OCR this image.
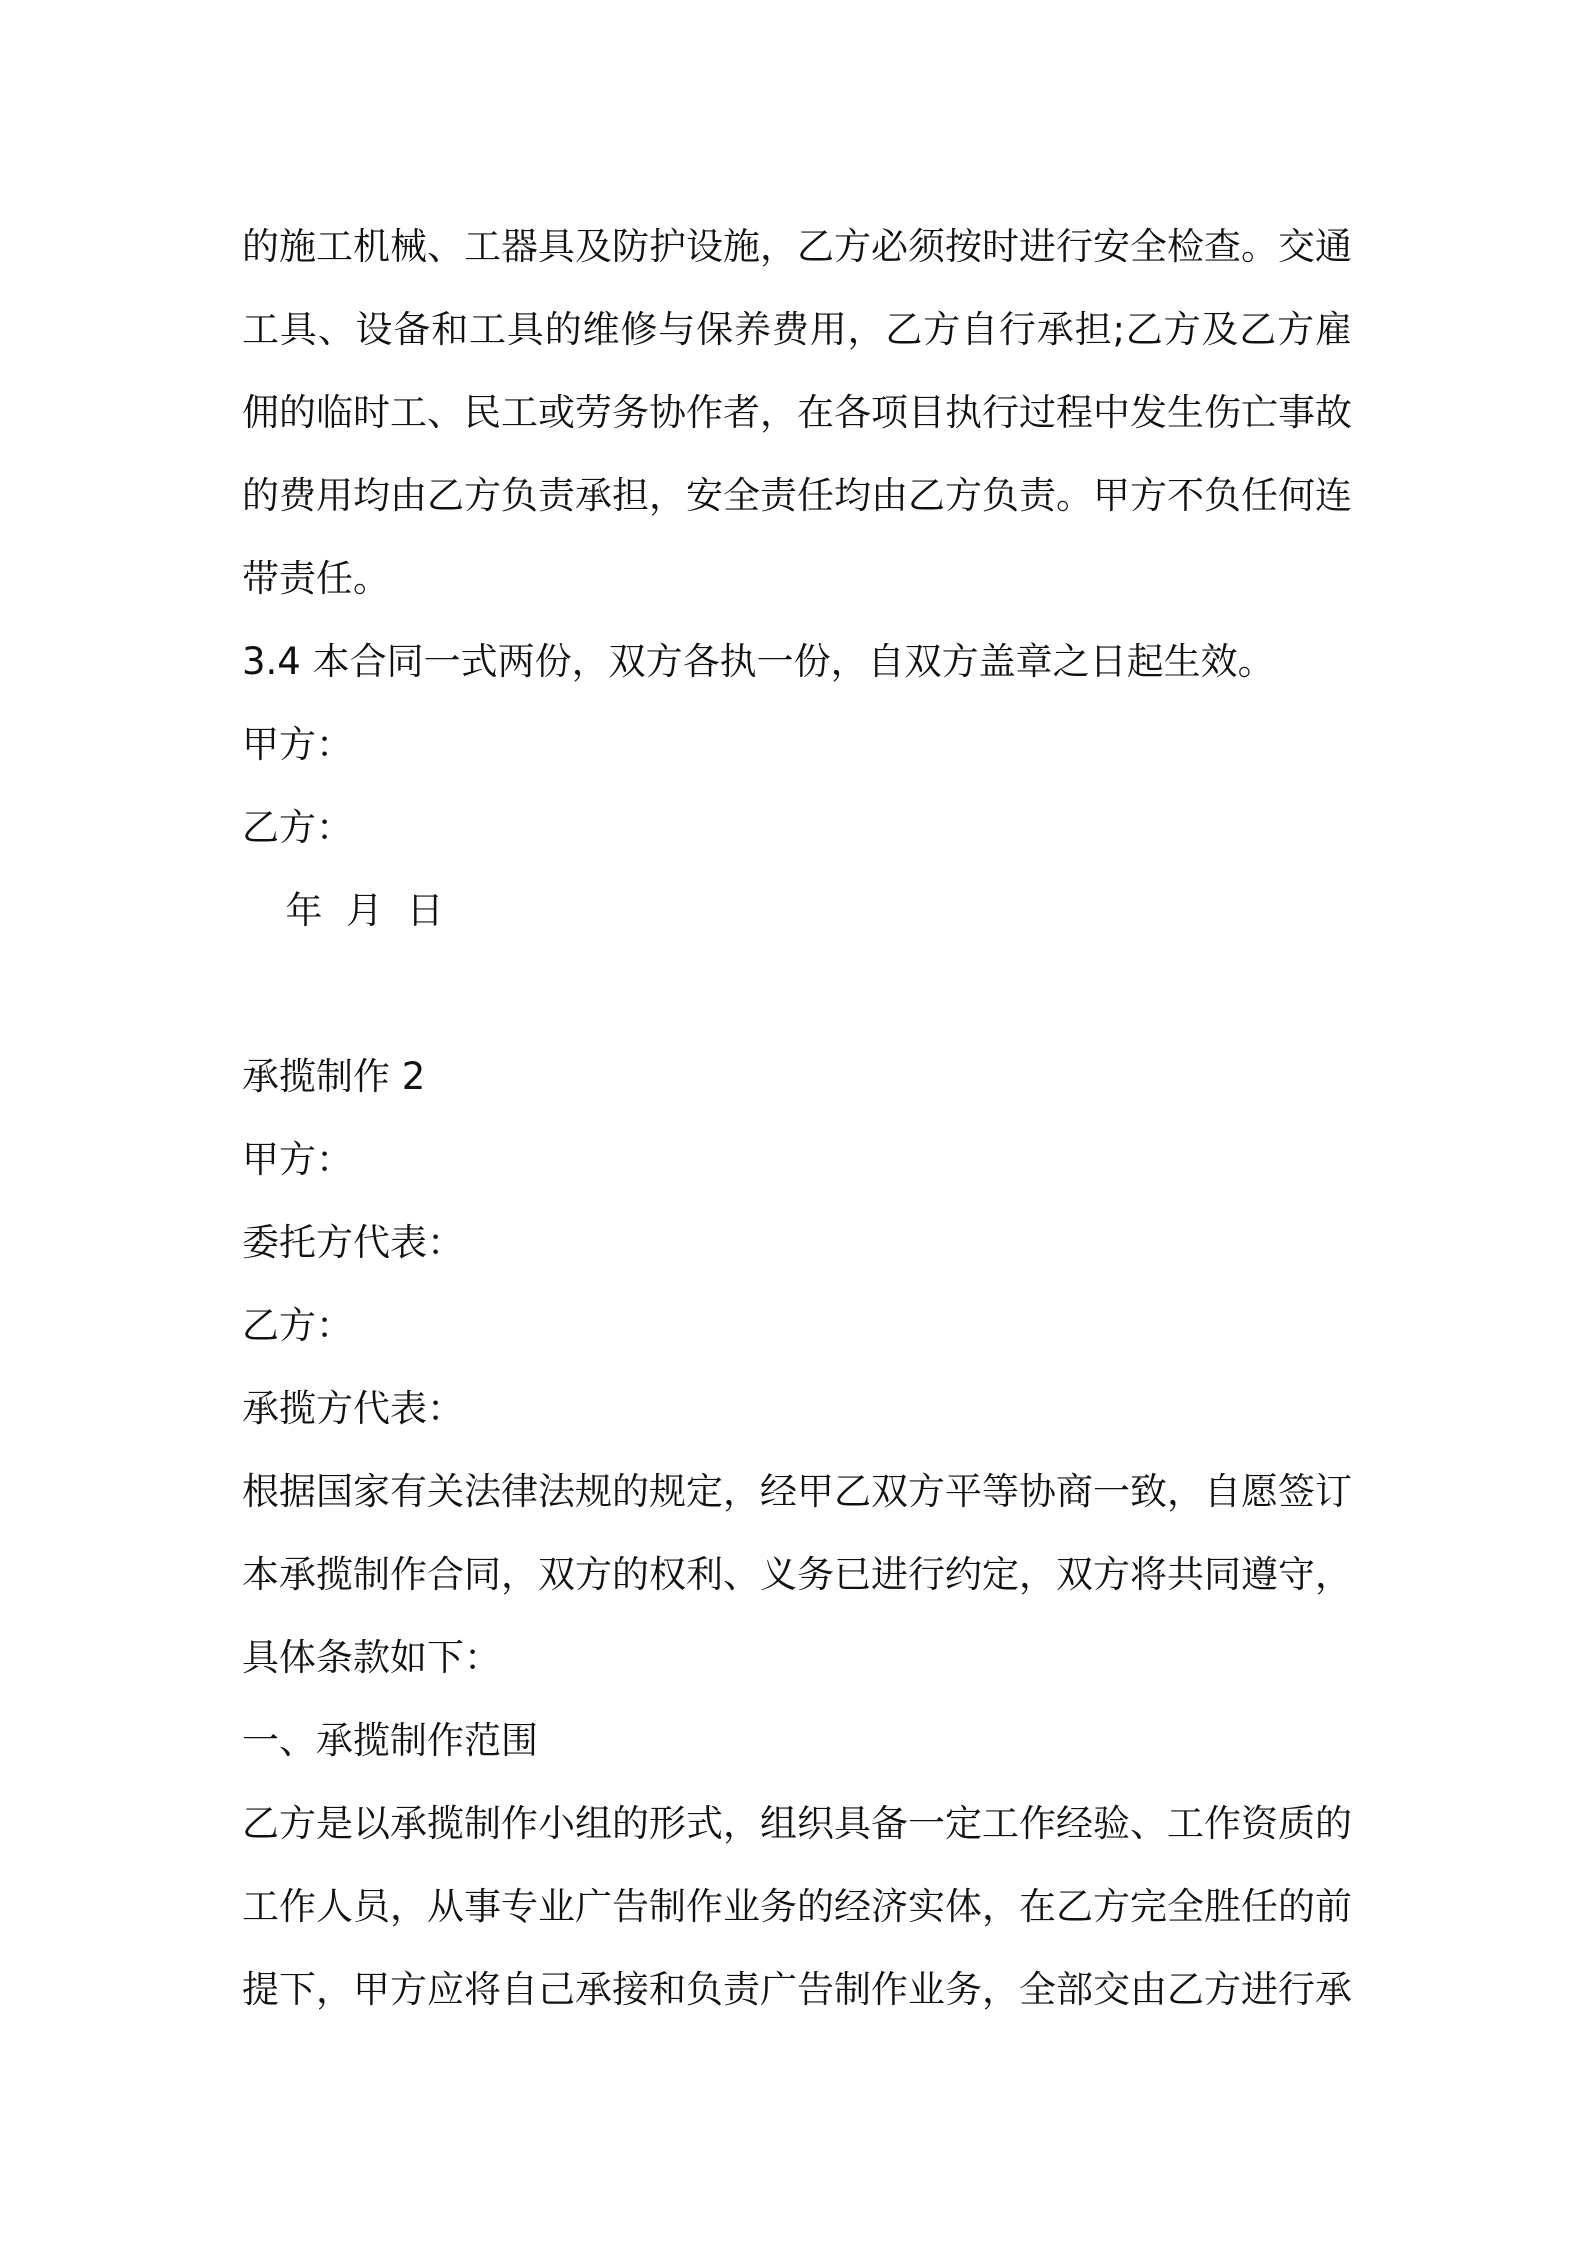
的施工机械、工器具及防护设施，乙方必须按时进行安全检查。交通工具、设备和工具的维修与保养费用，乙方自行承担;乙方及乙方雇佣的临时工、民工或劳务协作者，在各项目执行过程中发生伤亡事故的费用均由乙方负责承担，安全责任均由乙方负责。甲方不负任何连带责任。

3.4 本合同一式两份，双方各执一份，自双方盖章之日起生效。

甲方：

乙方：

年  月  日

承揽制作 2

甲方：

委托方代表：

乙方：

承揽方代表：

根据国家有关法律法规的规定，经甲乙双方平等协商一致，自愿签订本承揽制作合同，双方的权利、义务已进行约定，双方将共同遵守，具体条款如下：

一、承揽制作范围

乙方是以承揽制作小组的形式，组织具备一定工作经验、工作资质的工作人员，从事专业广告制作业务的经济实体，在乙方完全胜任的前提下，甲方应将自己承接和负责广告制作业务，全部交由乙方进行承
